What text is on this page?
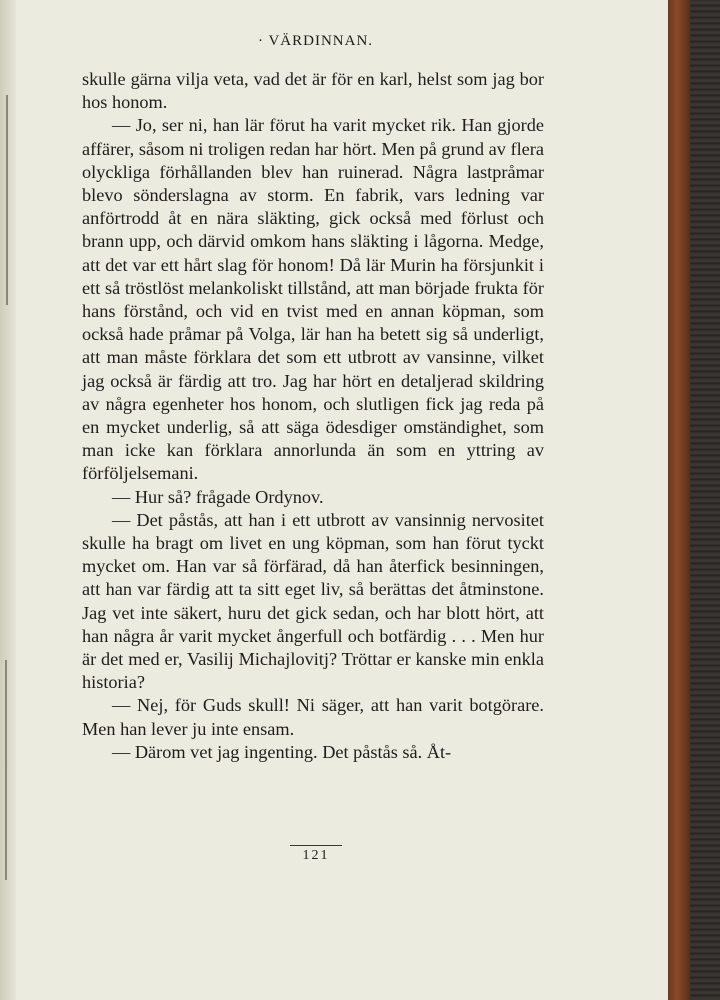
· VÄRDINNAN.

skulle gärna vilja veta, vad det är för en karl, helst som jag bor hos honom.

— Jo, ser ni, han lär förut ha varit mycket rik. Han gjorde affärer, såsom ni troligen redan har hört. Men på grund av flera olyckliga förhållanden blev han ruinerad. Några lastpråmar blevo sönderslagna av storm. En fabrik, vars ledning var anförtrodd åt en nära släkting, gick också med förlust och brann upp, och därvid omkom hans släkting i lågorna. Medge, att det var ett hårt slag för honom! Då lär Murin ha försjunkit i ett så tröstlöst melankoliskt tillstånd, att man började frukta för hans förstånd, och vid en tvist med en annan köpman, som också hade pråmar på Volga, lär han ha betett sig så underligt, att man måste förklara det som ett utbrott av vansinne, vilket jag också är färdig att tro. Jag har hört en detaljerad skildring av några egenheter hos honom, och slutligen fick jag reda på en mycket underlig, så att säga ödesdiger omständighet, som man icke kan förklara annorlunda än som en yttring av förföljelsemani.

— Hur så? frågade Ordynov.

— Det påstås, att han i ett utbrott av vansinnig nervositet skulle ha bragt om livet en ung köpman, som han förut tyckt mycket om. Han var så förfärad, då han återfick besinningen, att han var färdig att ta sitt eget liv, så berättas det åtminstone. Jag vet inte säkert, huru det gick sedan, och har blott hört, att han några år varit mycket ångerfull och botfärdig . . . Men hur är det med er, Vasilij Michajlovitj? Tröttar er kanske min enkla historia?

— Nej, för Guds skull! Ni säger, att han varit botgörare. Men han lever ju inte ensam.

— Därom vet jag ingenting. Det påstås så. Åt-

121
